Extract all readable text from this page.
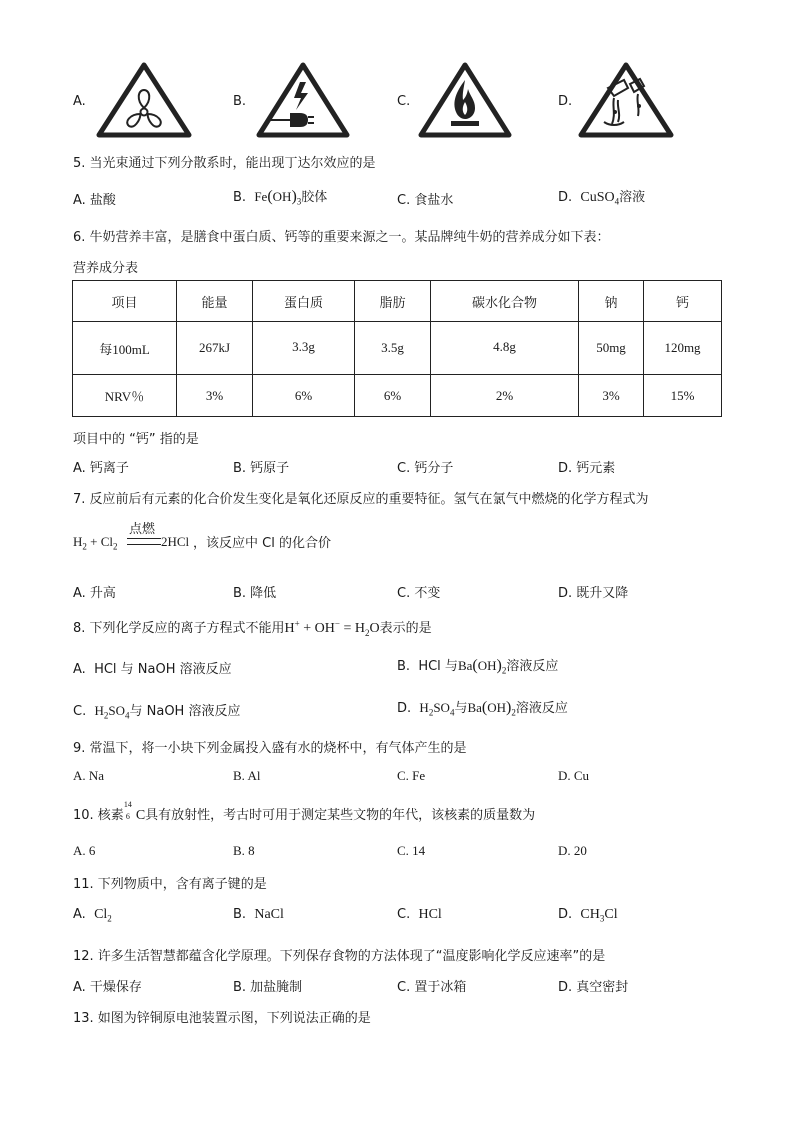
A.	B.	C.	D.
5. 当光束通过下列分散系时，能出现丁达尔效应的是
A. 盐酸	B. $Fe(OH)_3$胶体	C. 食盐水	D. CuSO$_4$溶液
6. 牛奶营养丰富，是膳食中蛋白质、钙等的重要来源之一。某品牌纯牛奶的营养成分如下表：
营养成分表
项目	能量	蛋白质	脂肪	碳水化合物	钠	钙
每100mL	267kJ	3.3g	3.5g	4.8g	50mg	120mg
NRV％	3%	6%	6%	2%	3%	15%
项目中的 “钙” 指的是
A. 钙离子	B. 钙原子	C. 钙分子	D. 钙元素
7. 反应前后有元素的化合价发生变化是氧化还原反应的重要特征。氢气在氯气中燃烧的化学方程式为
$H_2 + Cl_2$
点燃
2HCl ，该反应中 Cl 的化合价
A. 升高	B. 降低	C. 不变	D. 既升又降
8. 下列化学反应的离子方程式不能用$H^+ + OH^- = H_2O$表示的是
A. HCl 与 NaOH 溶液反应	B. HCl 与$Ba(OH)_2$溶液反应
C. $H_2SO_4$与 NaOH 溶液反应	D. $H_2SO_4$与$Ba(OH)_2$溶液反应
9. 常温下，将一小块下列金属投入盛有水的烧杯中，有气体产生的是
A. Na	B. Al	C. Fe	D. Cu
10. 核素
14
6 C具有放射性，考古时可用于测定某些文物的年代，该核素的质量数为
A. 6	B. 8	C. 14	D. 20
11. 下列物质中，含有离子键的是
A. $Cl_2$	B. NaCl	C. HCl	D. $CH_3Cl$
12. 许多生活智慧都蕴含化学原理。下列保存食物的方法体现了“温度影响化学反应速率”的是
A. 干燥保存	B. 加盐腌制	C. 置于冰箱	D. 真空密封
13. 如图为锌铜原电池装置示图，下列说法正确的是
